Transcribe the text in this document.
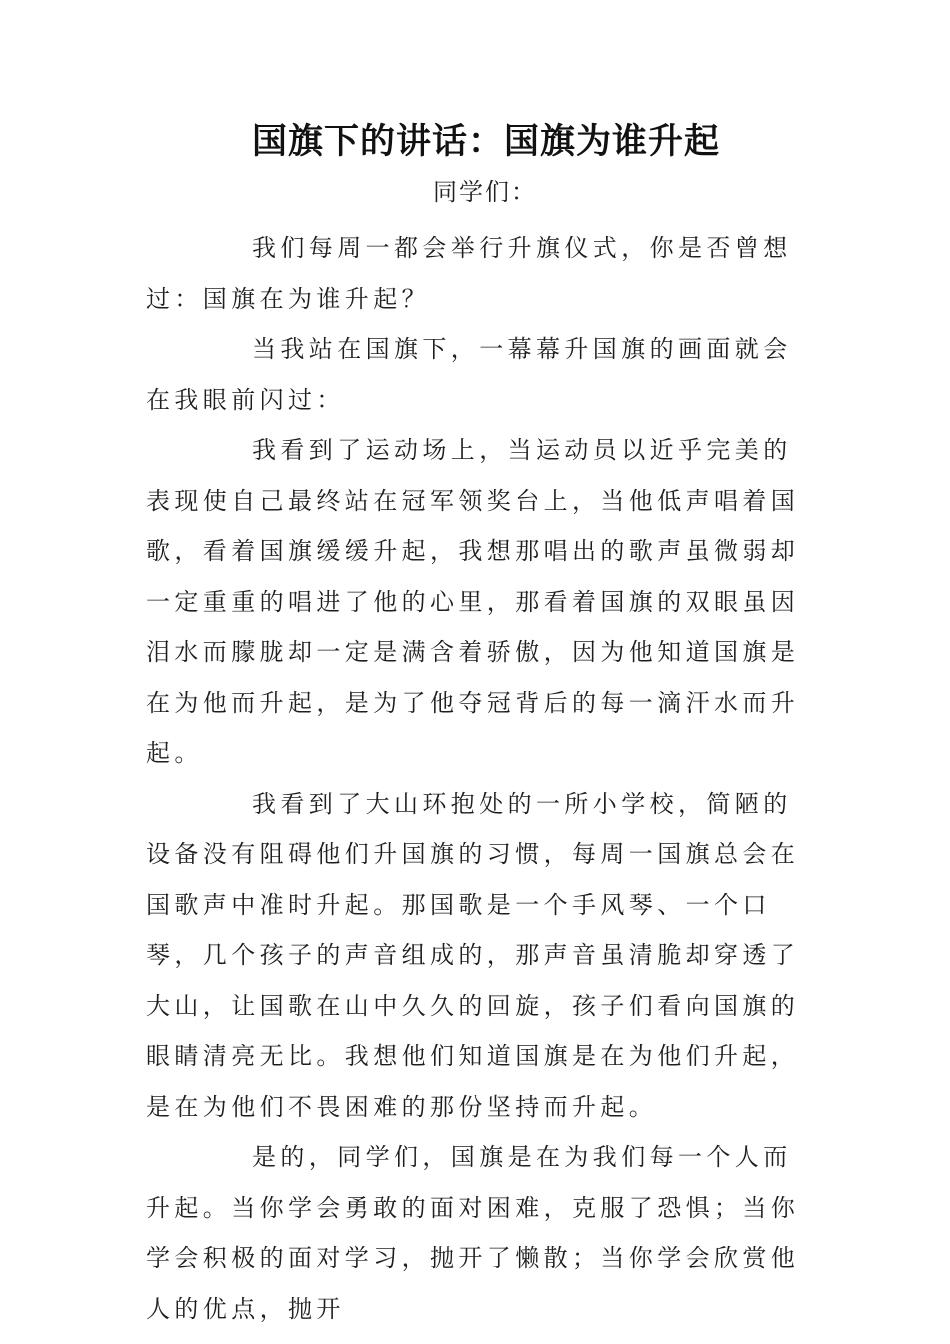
国旗下的讲话：国旗为谁升起
同学们：

我们每周一都会举行升旗仪式，你是否曾想过：国旗在为谁升起？

当我站在国旗下，一幕幕升国旗的画面就会在我眼前闪过：

我看到了运动场上，当运动员以近乎完美的表现使自己最终站在冠军领奖台上，当他低声唱着国歌，看着国旗缓缓升起，我想那唱出的歌声虽微弱却一定重重的唱进了他的心里，那看着国旗的双眼虽因泪水而朦胧却一定是满含着骄傲，因为他知道国旗是在为他而升起，是为了他夺冠背后的每一滴汗水而升起。

我看到了大山环抱处的一所小学校，简陋的设备没有阻碍他们升国旗的习惯，每周一国旗总会在国歌声中准时升起。那国歌是一个手风琴、一个口琴，几个孩子的声音组成的，那声音虽清脆却穿透了大山，让国歌在山中久久的回旋，孩子们看向国旗的眼睛清亮无比。我想他们知道国旗是在为他们升起，是在为他们不畏困难的那份坚持而升起。

是的，同学们，国旗是在为我们每一个人而升起。当你学会勇敢的面对困难，克服了恐惧；当你学会积极的面对学习，抛开了懒散；当你学会欣赏他人的优点，抛开
